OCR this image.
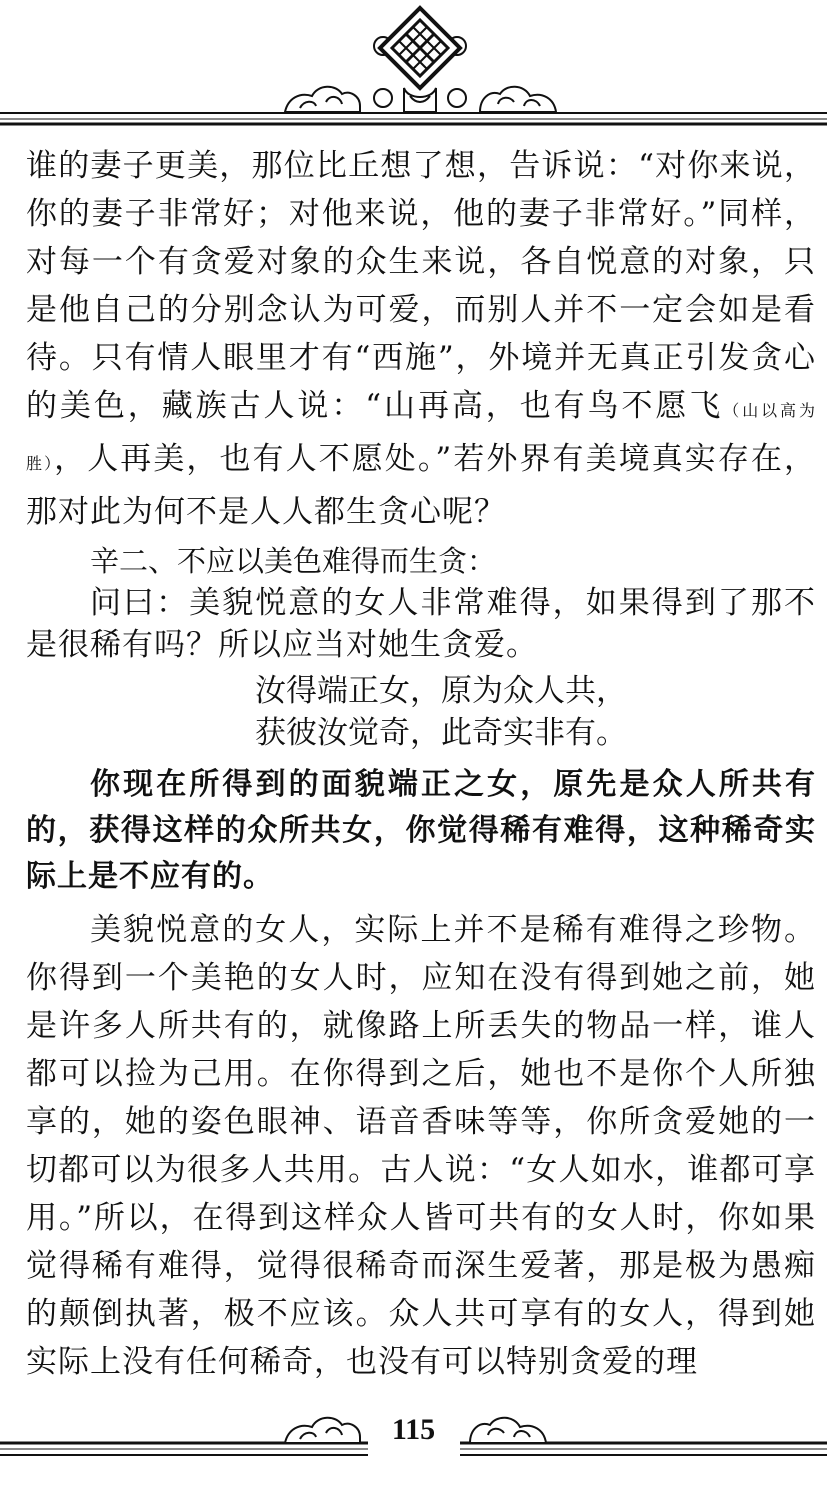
谁的妻子更美，那位比丘想了想，告诉说：“对你来说，你的妻子非常好；对他来说，他的妻子非常好。”同样，对每一个有贪爱对象的众生来说，各自悦意的对象，只是他自己的分别念认为可爱，而别人并不一定会如是看待。只有情人眼里才有“西施”，外境并无真正引发贪心的美色，藏族古人说：“山再高，也有鸟不愿飞（山以高为胜），人再美，也有人不愿处。”若外界有美境真实存在，那对此为何不是人人都生贪心呢？

辛二、不应以美色难得而生贪：

问曰：美貌悦意的女人非常难得，如果得到了那不是很稀有吗？所以应当对她生贪爱。

汝得端正女，原为众人共，
获彼汝觉奇，此奇实非有。

你现在所得到的面貌端正之女，原先是众人所共有的，获得这样的众所共女，你觉得稀有难得，这种稀奇实际上是不应有的。

美貌悦意的女人，实际上并不是稀有难得之珍物。你得到一个美艳的女人时，应知在没有得到她之前，她是许多人所共有的，就像路上所丢失的物品一样，谁人都可以捡为己用。在你得到之后，她也不是你个人所独享的，她的姿色眼神、语音香味等等，你所贪爱她的一切都可以为很多人共用。古人说：“女人如水，谁都可享用。”所以，在得到这样众人皆可共有的女人时，你如果觉得稀有难得，觉得很稀奇而深生爱著，那是极为愚痴的颠倒执著，极不应该。众人共可享有的女人，得到她实际上没有任何稀奇，也没有可以特别贪爱的理

115
